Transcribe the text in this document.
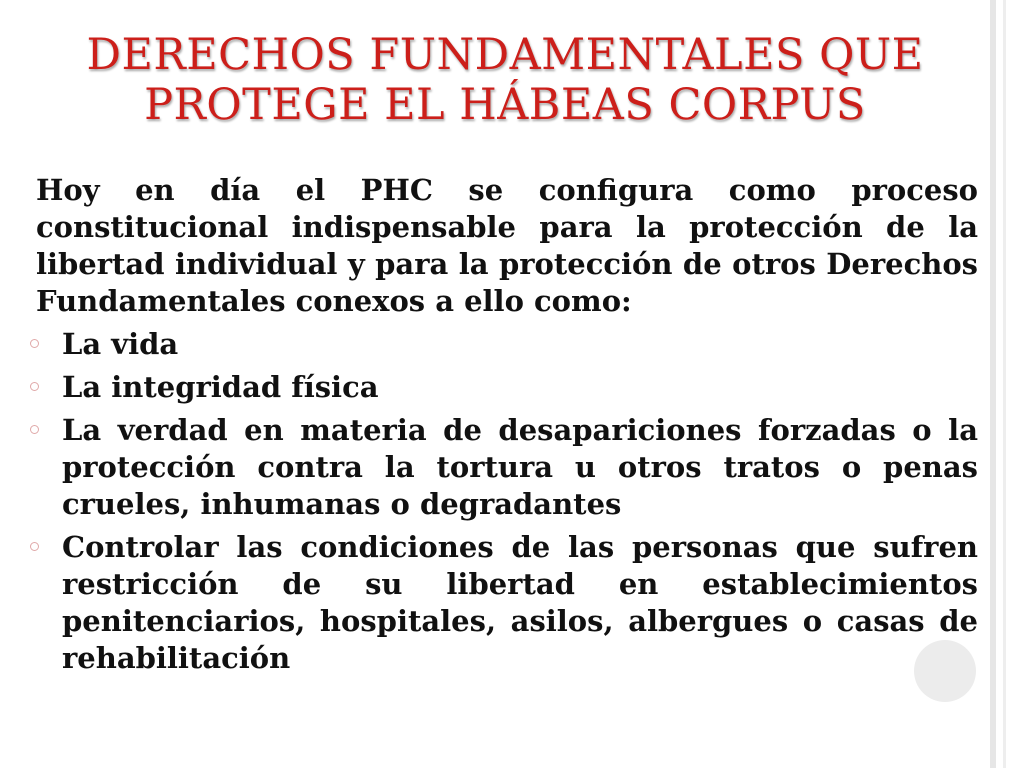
DERECHOS FUNDAMENTALES QUE PROTEGE EL HÁBEAS CORPUS

Hoy en día el PHC se configura como proceso constitucional indispensable para la protección de la libertad individual y para la protección de otros Derechos Fundamentales conexos a ello como:

La vida
La integridad física
La verdad en materia de desapariciones forzadas o la protección contra la tortura u otros tratos o penas crueles, inhumanas o degradantes
Controlar las condiciones de las personas que sufren restricción de su libertad en establecimientos penitenciarios, hospitales, asilos, albergues o casas de rehabilitación
